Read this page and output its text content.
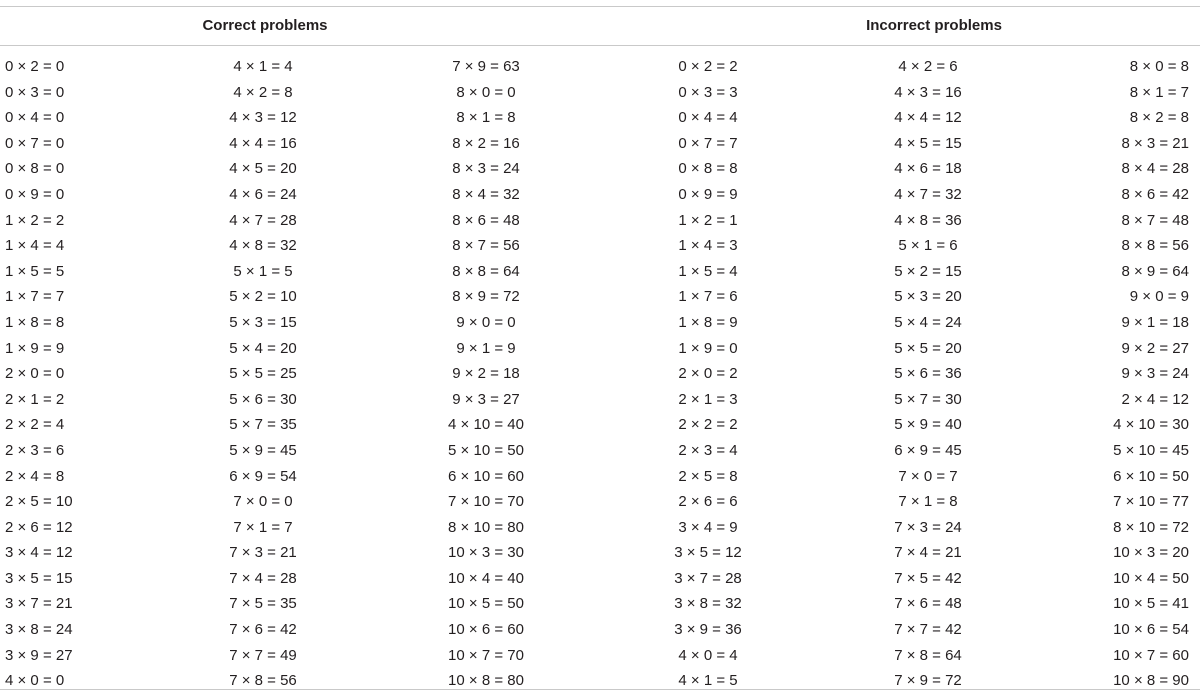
Correct problems	Incorrect problems
0 × 2 = 0	4 × 1 = 4	7 × 9 = 63	0 × 2 = 2	4 × 2 = 6	8 × 0 = 8
0 × 3 = 0	4 × 2 = 8	8 × 0 = 0	0 × 3 = 3	4 × 3 = 16	8 × 1 = 7
0 × 4 = 0	4 × 3 = 12	8 × 1 = 8	0 × 4 = 4	4 × 4 = 12	8 × 2 = 8
0 × 7 = 0	4 × 4 = 16	8 × 2 = 16	0 × 7 = 7	4 × 5 = 15	8 × 3 = 21
0 × 8 = 0	4 × 5 = 20	8 × 3 = 24	0 × 8 = 8	4 × 6 = 18	8 × 4 = 28
0 × 9 = 0	4 × 6 = 24	8 × 4 = 32	0 × 9 = 9	4 × 7 = 32	8 × 6 = 42
1 × 2 = 2	4 × 7 = 28	8 × 6 = 48	1 × 2 = 1	4 × 8 = 36	8 × 7 = 48
1 × 4 = 4	4 × 8 = 32	8 × 7 = 56	1 × 4 = 3	5 × 1 = 6	8 × 8 = 56
1 × 5 = 5	5 × 1 = 5	8 × 8 = 64	1 × 5 = 4	5 × 2 = 15	8 × 9 = 64
1 × 7 = 7	5 × 2 = 10	8 × 9 = 72	1 × 7 = 6	5 × 3 = 20	9 × 0 = 9
1 × 8 = 8	5 × 3 = 15	9 × 0 = 0	1 × 8 = 9	5 × 4 = 24	9 × 1 = 18
1 × 9 = 9	5 × 4 = 20	9 × 1 = 9	1 × 9 = 0	5 × 5 = 20	9 × 2 = 27
2 × 0 = 0	5 × 5 = 25	9 × 2 = 18	2 × 0 = 2	5 × 6 = 36	9 × 3 = 24
2 × 1 = 2	5 × 6 = 30	9 × 3 = 27	2 × 1 = 3	5 × 7 = 30	2 × 4 = 12
2 × 2 = 4	5 × 7 = 35	4 × 10 = 40	2 × 2 = 2	5 × 9 = 40	4 × 10 = 30
2 × 3 = 6	5 × 9 = 45	5 × 10 = 50	2 × 3 = 4	6 × 9 = 45	5 × 10 = 45
2 × 4 = 8	6 × 9 = 54	6 × 10 = 60	2 × 5 = 8	7 × 0 = 7	6 × 10 = 50
2 × 5 = 10	7 × 0 = 0	7 × 10 = 70	2 × 6 = 6	7 × 1 = 8	7 × 10 = 77
2 × 6 = 12	7 × 1 = 7	8 × 10 = 80	3 × 4 = 9	7 × 3 = 24	8 × 10 = 72
3 × 4 = 12	7 × 3 = 21	10 × 3 = 30	3 × 5 = 12	7 × 4 = 21	10 × 3 = 20
3 × 5 = 15	7 × 4 = 28	10 × 4 = 40	3 × 7 = 28	7 × 5 = 42	10 × 4 = 50
3 × 7 = 21	7 × 5 = 35	10 × 5 = 50	3 × 8 = 32	7 × 6 = 48	10 × 5 = 41
3 × 8 = 24	7 × 6 = 42	10 × 6 = 60	3 × 9 = 36	7 × 7 = 42	10 × 6 = 54
3 × 9 = 27	7 × 7 = 49	10 × 7 = 70	4 × 0 = 4	7 × 8 = 64	10 × 7 = 60
4 × 0 = 0	7 × 8 = 56	10 × 8 = 80	4 × 1 = 5	7 × 9 = 72	10 × 8 = 90
